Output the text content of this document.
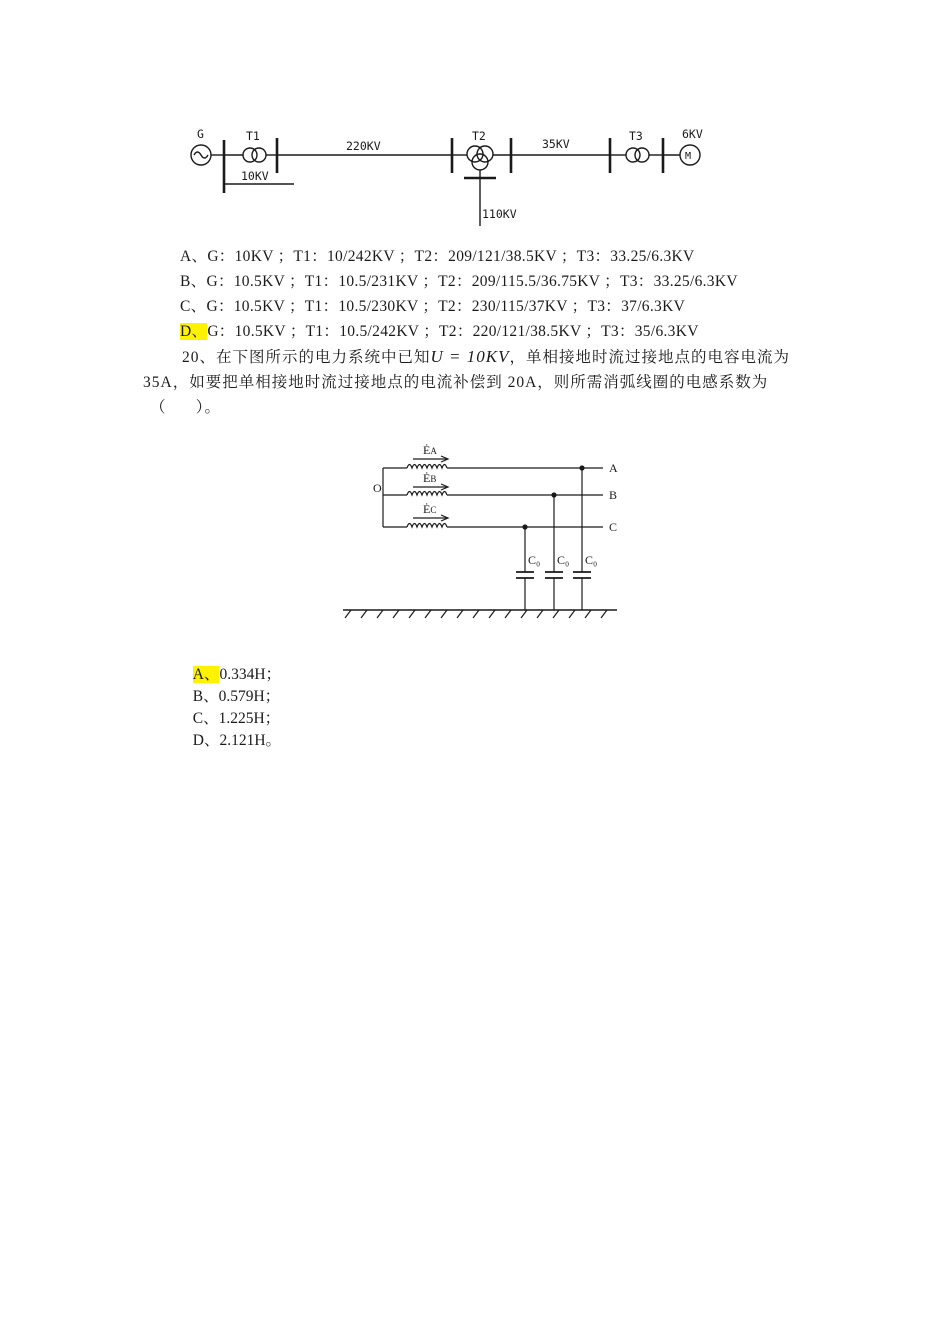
G	T1
220KV
T2
35KV
T3	6KV
M
10KV
110KV
A、G：10KV ；T1：10/242KV ；T2：209/121/38.5KV ；T3：33.25/6.3KV
B、G：10.5KV ；T1：10.5/231KV ；T2：209/115.5/36.75KV ；T3：33.25/6.3KV
C、G：10.5KV ；T1：10.5/230KV ；T2：230/115/37KV ；T3：37/6.3KV
D、G：10.5KV ；T1：10.5/242KV ；T2：220/121/38.5KV ；T3：35/6.3KV
20、在下图所示的电力系统中已知U = 10KV，单相接地时流过接地点的电容电流为
35A，如要把单相接地时流过接地点的电流补偿到 20A，则所需消弧线圈的电感系数为
（      ）。
ĖA
ĖB
ĖC
O
A
B
C
C₀ C₀ C₀

A、0.334H；
B、0.579H；
C、1.225H；
D、2.121H。
